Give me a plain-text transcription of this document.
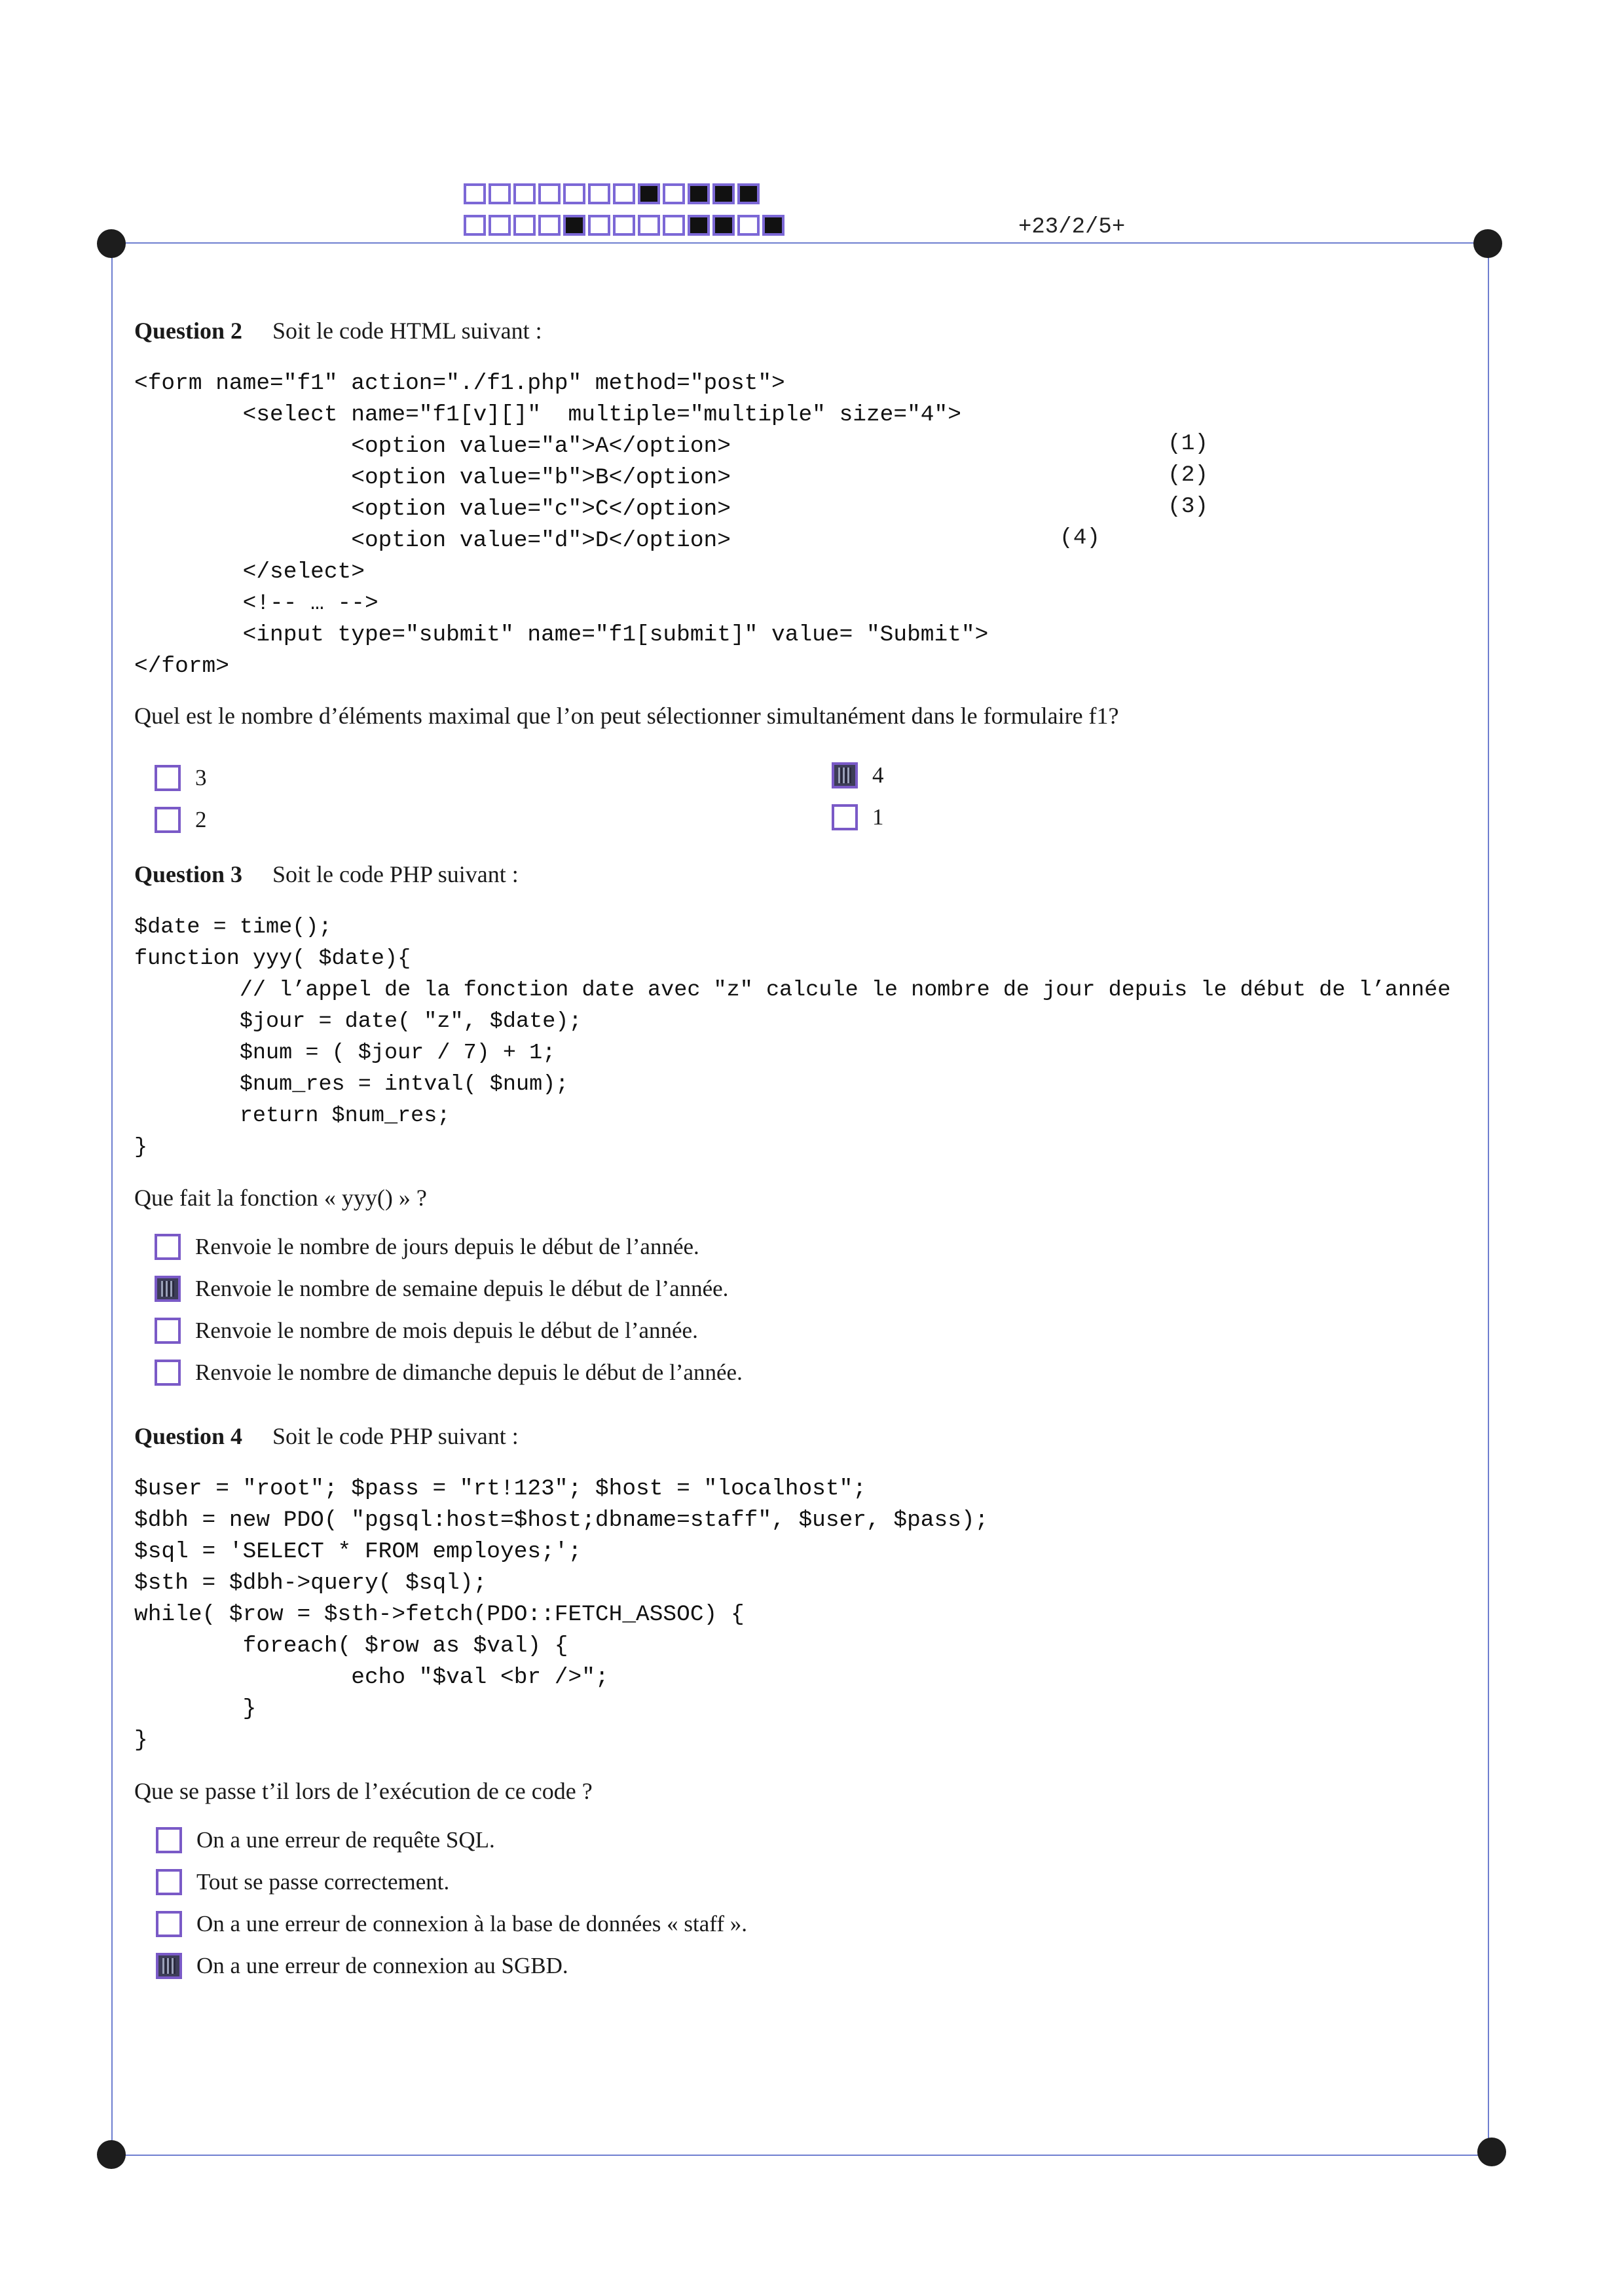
+23/2/5+
Question 2 Soit le code HTML suivant :
<form name="f1" action="./f1.php" method="post">
<select name="f1[v][]"  multiple="multiple" size="4">
<option value="a">A</option>
<option value="b">B</option>
<option value="c">C</option>
<option value="d">D</option>
</select>
<!-- … -->
<input type="submit" name="f1[submit]" value= "Submit">
</form>
(1)
(2)
(3)
(4)
Quel est le nombre d’éléments maximal que l’on peut sélectionner simultanément dans le formulaire f1?
3	4
2	1
Question 3 Soit le code PHP suivant :
$date = time();
function yyy( $date){
// l’appel de la fonction date avec "z" calcule le nombre de jour depuis le début de l’année
$jour = date( "z", $date);
$num = ( $jour / 7) + 1;
$num_res = intval( $num);
return $num_res;
}
Que fait la fonction « yyy() » ?
Renvoie le nombre de jours depuis le début de l’année.
Renvoie le nombre de semaine depuis le début de l’année.
Renvoie le nombre de mois depuis le début de l’année.
Renvoie le nombre de dimanche depuis le début de l’année.
Question 4 Soit le code PHP suivant :
$user = "root"; $pass = "rt!123"; $host = "localhost";
$dbh = new PDO( "pgsql:host=$host;dbname=staff", $user, $pass);
$sql = 'SELECT * FROM employes;';
$sth = $dbh->query( $sql);
while( $row = $sth->fetch(PDO::FETCH_ASSOC) {
foreach( $row as $val) {
echo "$val <br />";
}
}
Que se passe t’il lors de l’exécution de ce code ?
On a une erreur de requête SQL.
Tout se passe correctement.
On a une erreur de connexion à la base de données « staff ».
On a une erreur de connexion au SGBD.
